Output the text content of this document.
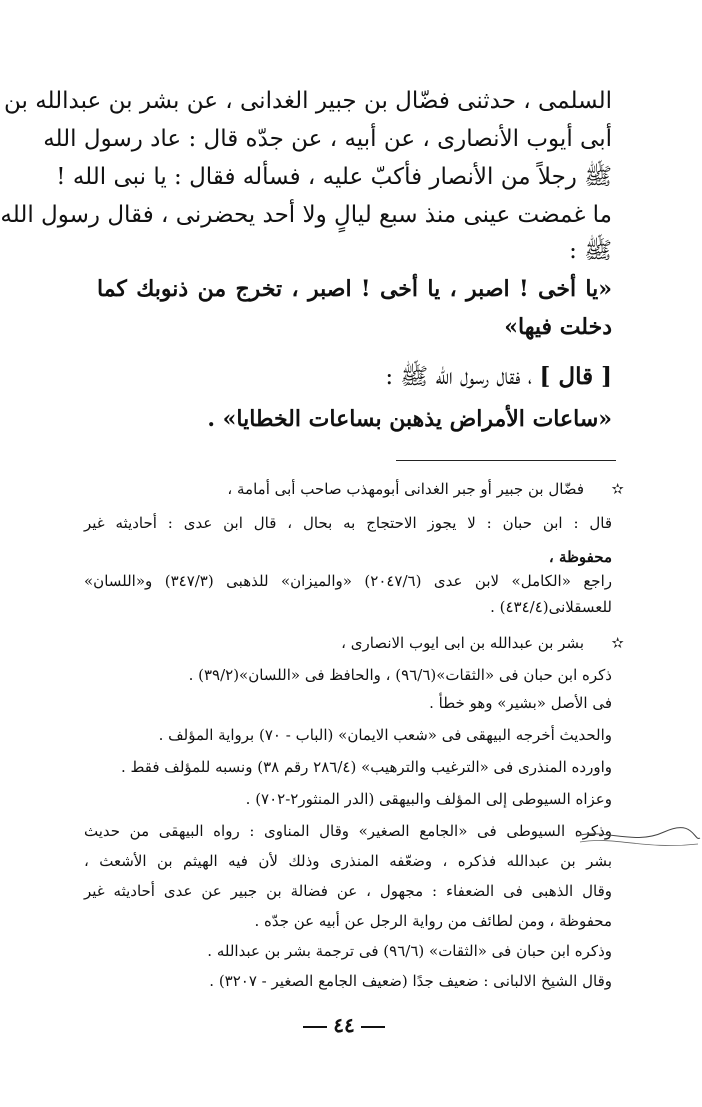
السلمى ، حدثنى فضّال بن جبير الغدانى ، عن بشر بن عبدالله بن
أبى أيوب الأنصارى ، عن أبيه ، عن جدّه قال : عاد رسول الله
ﷺ رجلاً من الأنصار فأكبّ عليه ، فسأله فقال : يا نبى الله !
ما غمضت عينى منذ سبع ليالٍ ولا أحد يحضرنى ، فقال رسول الله
ﷺ :
«يا أخى ! اصبر ، يا أخى ! اصبر ، تخرج من ذنوبك كما
دخلت فيها»
[ قال ] ، فقال رسول الله ﷺ :
«ساعات الأمراض يذهبن بساعات الخطايا» .
✫
فضّال بن جبير أو جبر الغدانى أبومهذب صاحب أبى أمامة ،
قال : ابن حبان : لا يجوز الاحتجاج به بحال ، قال ابن عدى : أحاديثه غير
محفوظة ،
راجع «الكامل» لابن عدى (٢٠٤٧/٦) «والميزان» للذهبى (٣٤٧/٣) و«اللسان»
للعسقلانى(٤٣٤/٤) .
✫
بشر بن عبدالله بن ابى ايوب الانصارى ،
ذكره ابن حبان فى «الثقات»(٩٦/٦) ، والحافظ فى «اللسان»(٣٩/٢) .
فى الأصل «بشير» وهو خطأ .
والحديث أخرجه البيهقى فى «شعب الايمان» (الباب - ٧٠) برواية المؤلف .
واورده المنذرى فى «الترغيب والترهيب» (٢٨٦/٤ رقم ٣٨) ونسبه للمؤلف فقط .
وعزاه السيوطى إلى المؤلف والبيهقى (الدر المنثور٢-٧٠٢) .
وذكره السيوطى فى «الجامع الصغير» وقال المناوى : رواه البيهقى من حديث
بشر بن عبدالله فذكره ، وضعّفه المنذرى وذلك لأن فيه الهيثم بن الأشعث ،
وقال الذهبى فى الضعفاء : مجهول ، عن فضالة بن جبير عن عدى أحاديثه غير
محفوظة ، ومن لطائف من رواية الرجل عن أبيه عن جدّه .
وذكره ابن حبان فى «الثقات» (٩٦/٦) فى ترجمة بشر بن عبدالله .
وقال الشيخ الالبانى : ضعيف جدًا (ضعيف الجامع الصغير - ٣٢٠٧) .
٤٤
